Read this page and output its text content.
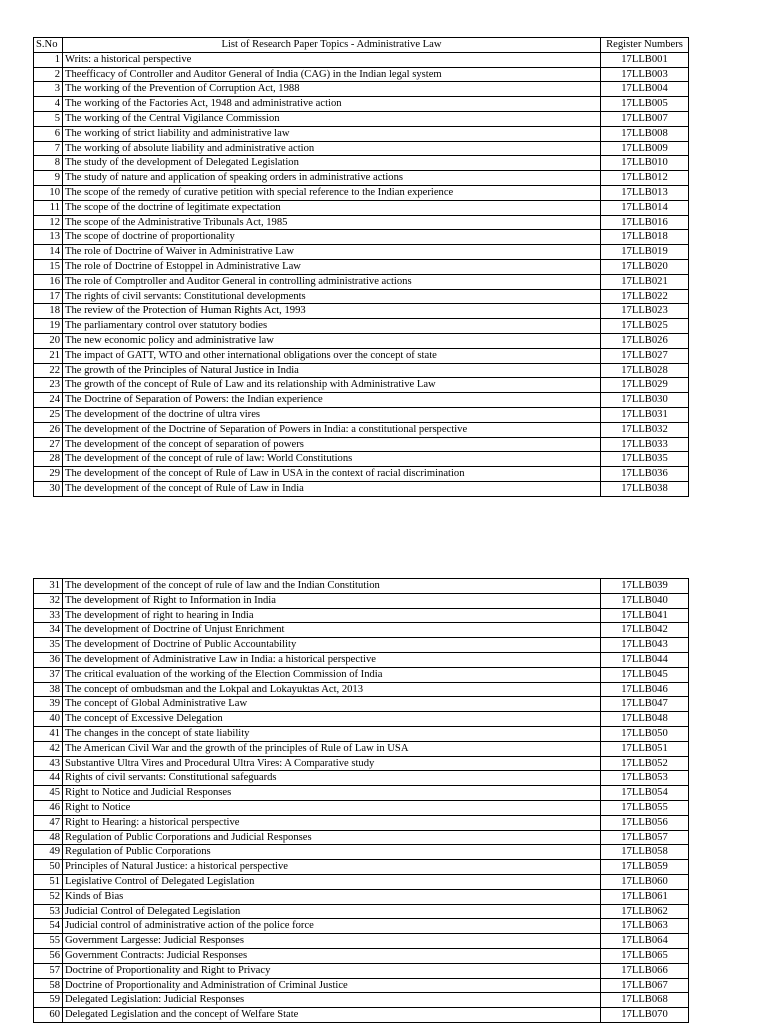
S.No	List of Research Paper Topics - Administrative Law	Register Numbers
1	Writs: a historical perspective	17LLB001
2	Theefficacy of Controller and Auditor General of India (CAG) in the Indian legal system	17LLB003
3	The working of the Prevention of Corruption Act, 1988	17LLB004
4	The working of the Factories Act, 1948 and administrative action	17LLB005
5	The working of the Central Vigilance Commission	17LLB007
6	The working of strict liability and administrative law	17LLB008
7	The working of absolute liability and administrative action	17LLB009
8	The study of the development of Delegated Legislation	17LLB010
9	The study of nature and application of speaking orders in administrative actions	17LLB012
10	The scope of the remedy of curative petition with special reference to the Indian experience	17LLB013
11	The scope of the doctrine of legitimate expectation	17LLB014
12	The scope of the Administrative Tribunals Act, 1985	17LLB016
13	The scope of doctrine of proportionality	17LLB018
14	The role of Doctrine of Waiver in Administrative Law	17LLB019
15	The role of Doctrine of Estoppel in Administrative Law	17LLB020
16	The role of Comptroller and Auditor General in controlling administrative actions	17LLB021
17	The rights of civil servants: Constitutional developments	17LLB022
18	The review of the Protection of Human Rights Act, 1993	17LLB023
19	The parliamentary control over statutory bodies	17LLB025
20	The new economic policy and administrative law	17LLB026
21	The impact of GATT, WTO and other international obligations over the concept of state	17LLB027
22	The growth of the Principles of Natural Justice in India	17LLB028
23	The growth of the concept of Rule of Law and its relationship with Administrative Law	17LLB029
24	The Doctrine of Separation of Powers: the Indian experience	17LLB030
25	The development of the doctrine of ultra vires	17LLB031
26	The development of the Doctrine of Separation of Powers in India: a constitutional perspective	17LLB032
27	The development of the concept of separation of powers	17LLB033
28	The development of the concept of rule of law: World Constitutions	17LLB035
29	The development of the concept of Rule of Law in USA in the context of racial discrimination	17LLB036
30	The development of the concept of Rule of Law in India	17LLB038
31	The development of the concept of rule of law and the Indian Constitution	17LLB039
32	The development of Right to Information in India	17LLB040
33	The development of right to hearing in India	17LLB041
34	The development of Doctrine of Unjust Enrichment	17LLB042
35	The development of Doctrine of Public Accountability	17LLB043
36	The development of Administrative Law in India: a historical perspective	17LLB044
37	The critical evaluation of the working of the Election Commission of India	17LLB045
38	The concept of ombudsman and the Lokpal and Lokayuktas Act, 2013	17LLB046
39	The concept of Global Administrative Law	17LLB047
40	The concept of Excessive Delegation	17LLB048
41	The changes in the concept of state liability	17LLB050
42	The American Civil War and the growth of the principles of Rule of Law in USA	17LLB051
43	Substantive Ultra Vires and Procedural Ultra Vires: A Comparative study	17LLB052
44	Rights of civil servants: Constitutional safeguards	17LLB053
45	Right to Notice and Judicial Responses	17LLB054
46	Right to Notice	17LLB055
47	Right to Hearing: a historical perspective	17LLB056
48	Regulation of Public Corporations and Judicial Responses	17LLB057
49	Regulation of Public Corporations	17LLB058
50	Principles of Natural Justice: a historical perspective	17LLB059
51	Legislative Control of Delegated Legislation	17LLB060
52	Kinds of Bias	17LLB061
53	Judicial Control of Delegated Legislation	17LLB062
54	Judicial control of administrative action of the police force	17LLB063
55	Government Largesse: Judicial Responses	17LLB064
56	Government Contracts: Judicial Responses	17LLB065
57	Doctrine of Proportionality and Right to Privacy	17LLB066
58	Doctrine of Proportionality and Administration of Criminal Justice	17LLB067
59	Delegated Legislation: Judicial Responses	17LLB068
60	Delegated Legislation and the concept of Welfare State	17LLB070
